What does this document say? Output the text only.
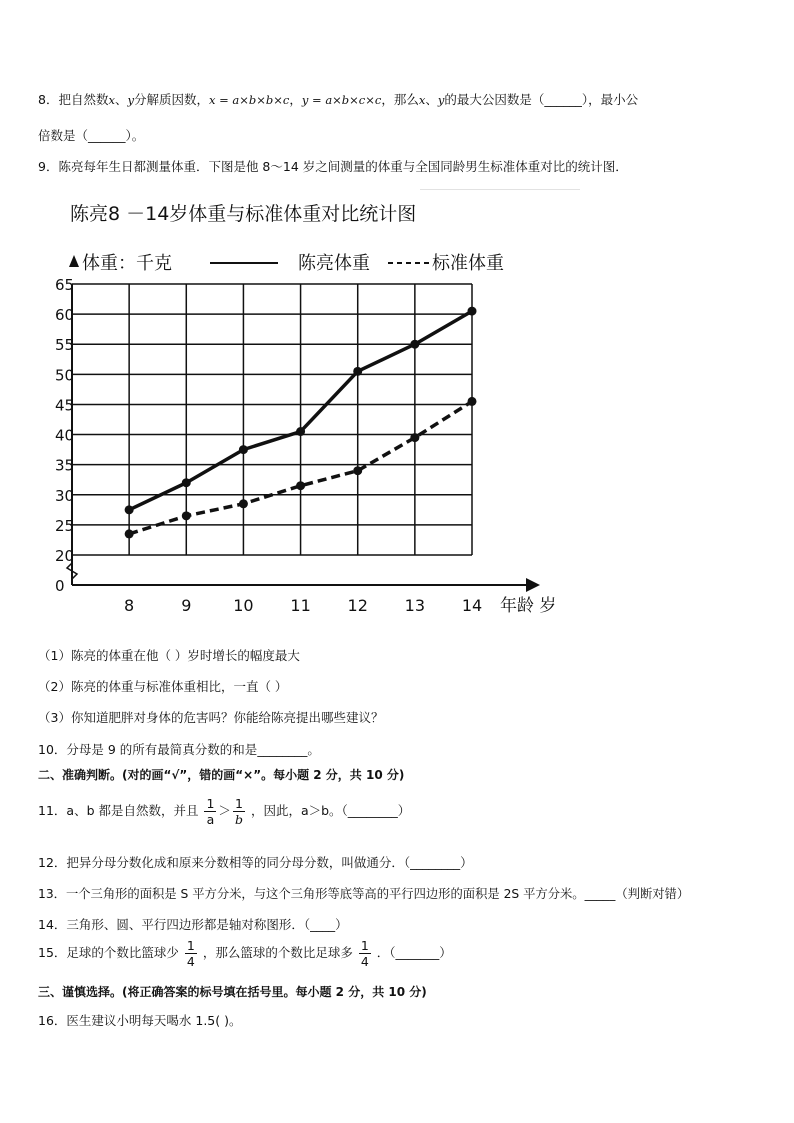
8．把自然数x、y分解质因数，x = a×b×b×c，y = a×b×c×c，那么x、y的最大公因数是（______），最小公
倍数是（______）。
9．陈亮每年生日都测量体重．下图是他 8～14 岁之间测量的体重与全国同龄男生标准体重对比的统计图．
陈亮8 －14岁体重与标准体重对比统计图
体重：千克	陈亮体重	标准体重
0
20
25
30
35
40
45
50
55
60
65
8	9	10 11 12 13 14 年龄 岁
（1）陈亮的体重在他（ ）岁时增长的幅度最大
（2）陈亮的体重与标准体重相比，一直（ ）
（3）你知道肥胖对身体的危害吗？你能给陈亮提出哪些建议？
10．分母是 9 的所有最简真分数的和是________。
二、准确判断。(对的画“√”，错的画“×”。每小题 2 分，共 10 分)
11．a、b 都是自然数，并且 $\frac{1}{a} > \frac{1}{b}$ ，因此，a＞b。（________）
12．把异分母分数化成和原来分数相等的同分母分数，叫做通分．（________）
13．一个三角形的面积是 S 平方分米，与这个三角形等底等高的平行四边形的面积是 2S 平方分米。_____（判断对错）
14．三角形、圆、平行四边形都是轴对称图形．（____）
15．足球的个数比篮球少 $\frac{1}{4}$ ，那么篮球的个数比足球多 $\frac{1}{4}$ ．（_______）
三、谨慎选择。(将正确答案的标号填在括号里。每小题 2 分，共 10 分)
16．医生建议小明每天喝水 1.5( )。
